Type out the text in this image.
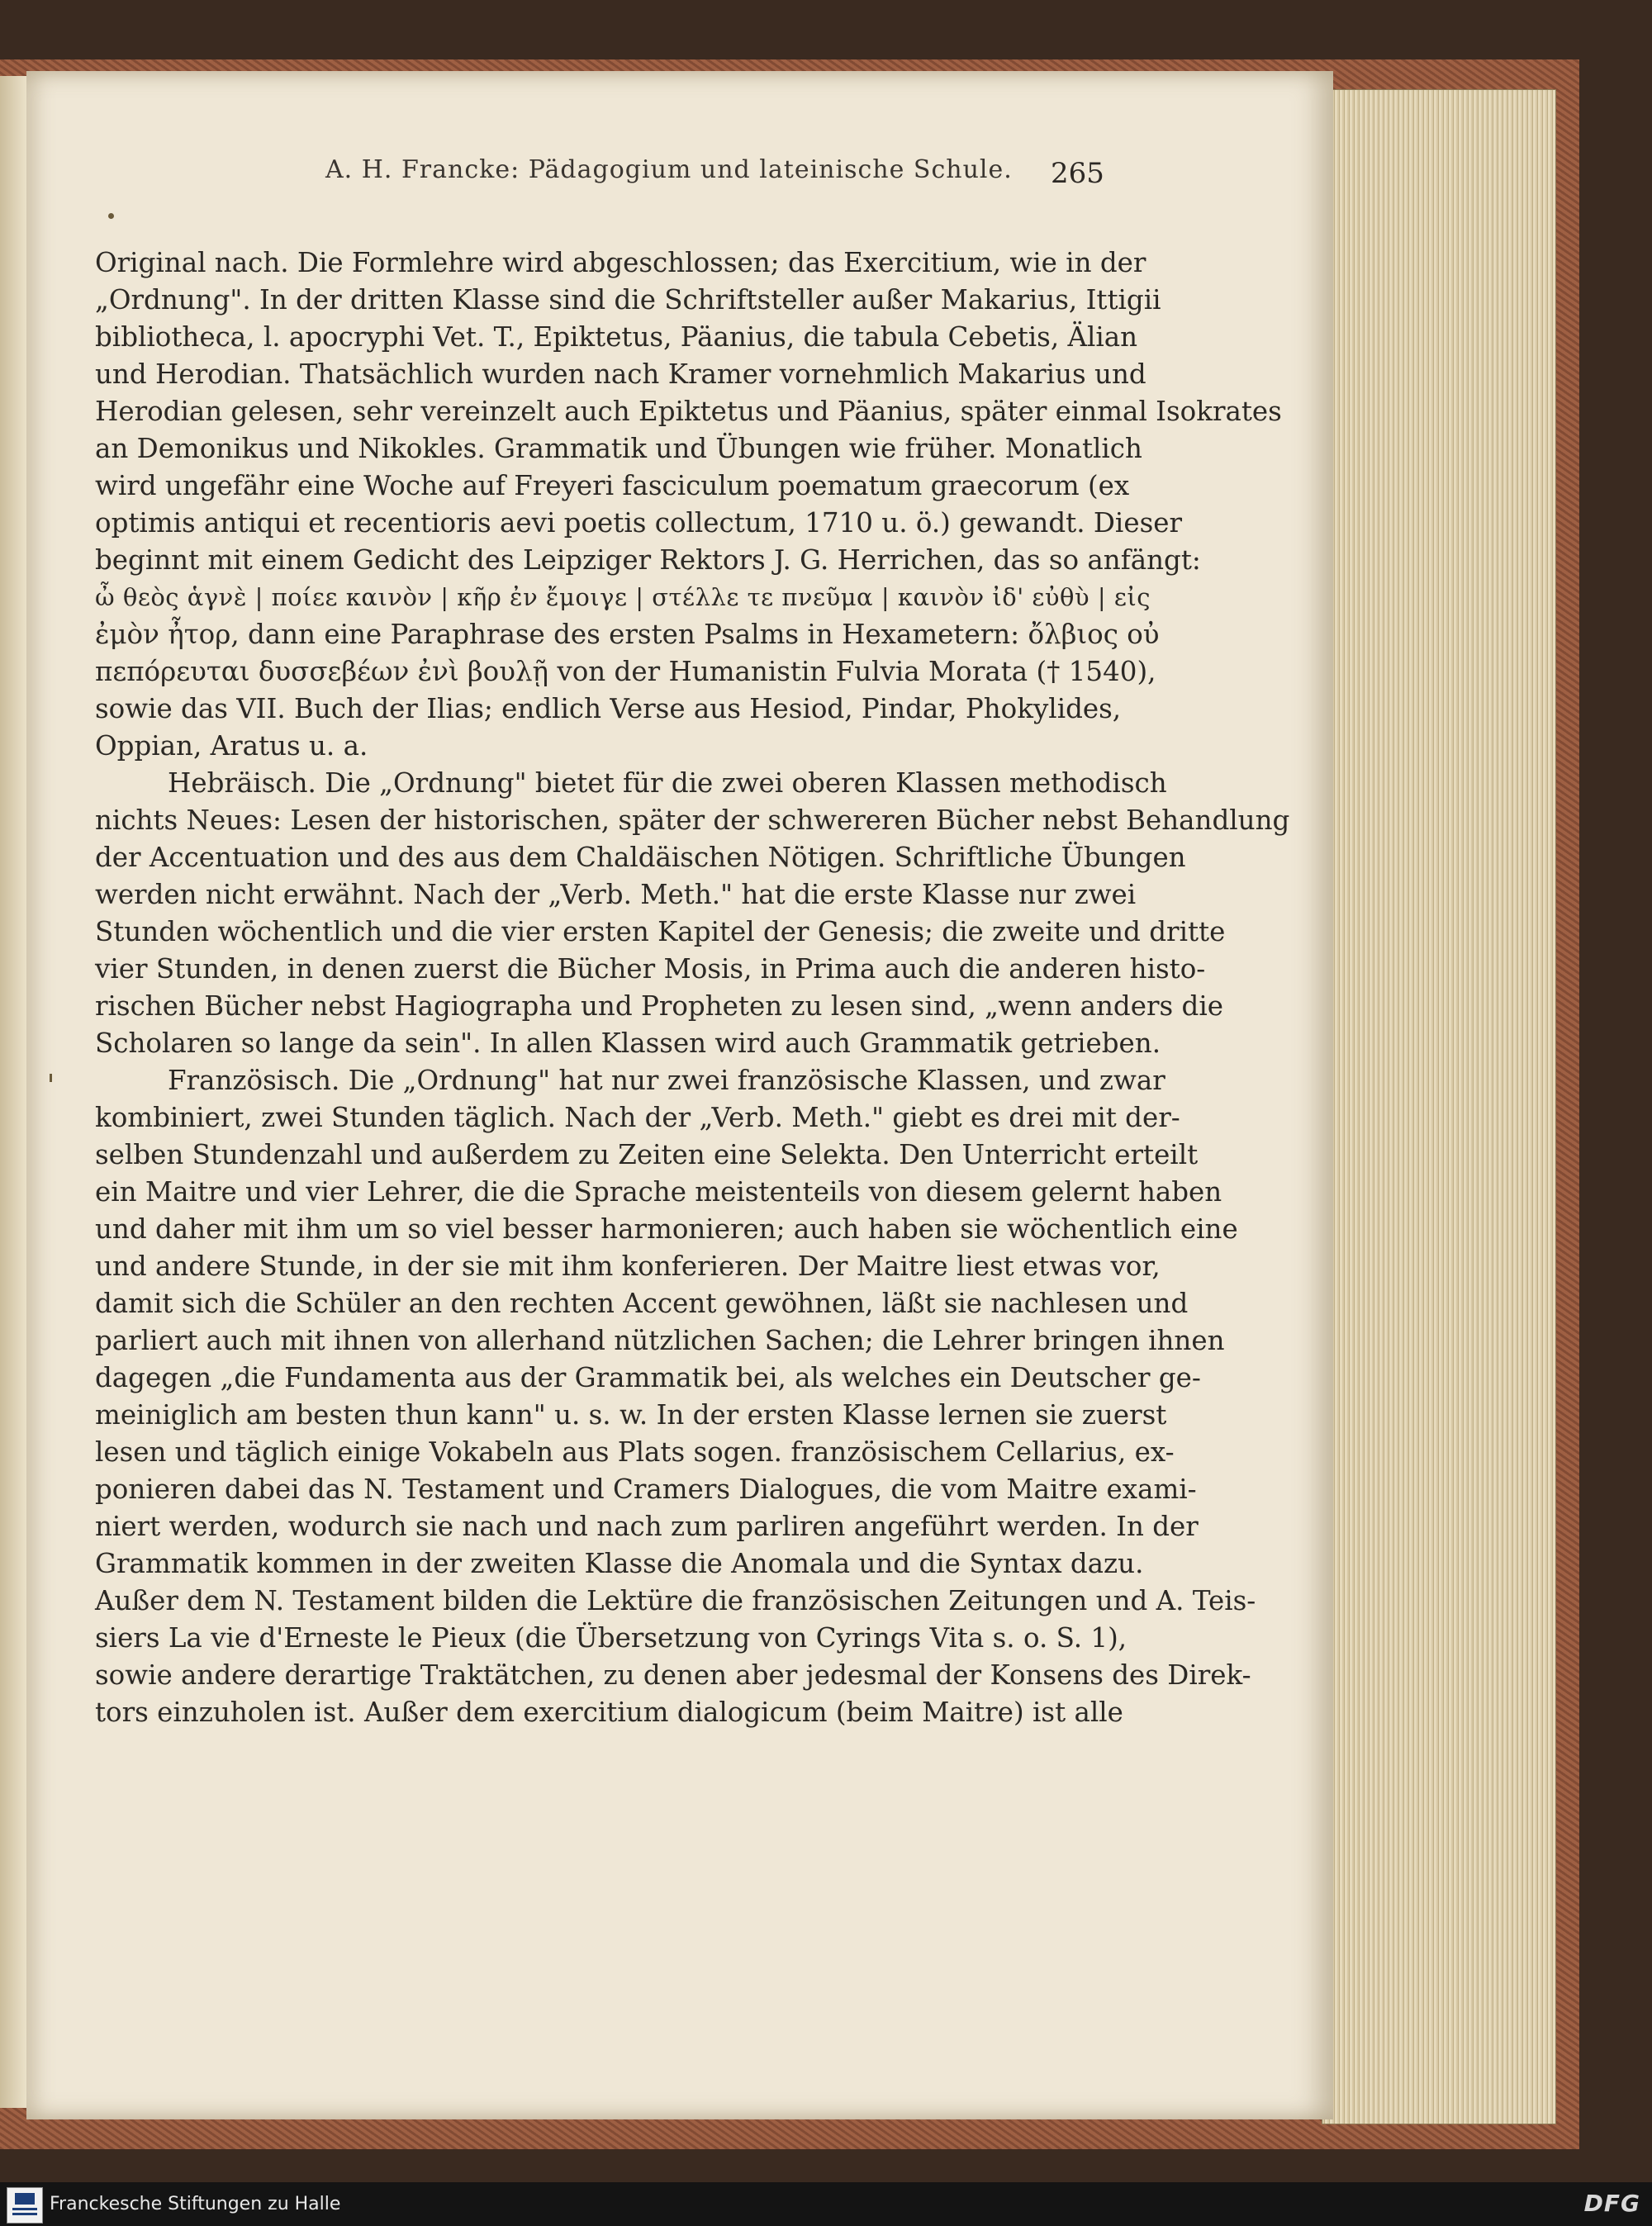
A. H. Francke: Pädagogium und lateinische Schule. 265
Original nach. Die Formlehre wird abgeschlossen; das Exercitium, wie in der
„Ordnung". In der dritten Klasse sind die Schriftsteller außer Makarius, Ittigii
bibliotheca, l. apocryphi Vet. T., Epiktetus, Päanius, die tabula Cebetis, Älian
und Herodian. Thatsächlich wurden nach Kramer vornehmlich Makarius und
Herodian gelesen, sehr vereinzelt auch Epiktetus und Päanius, später einmal Isokrates
an Demonikus und Nikokles. Grammatik und Übungen wie früher. Monatlich
wird ungefähr eine Woche auf Freyeri fasciculum poematum graecorum (ex
optimis antiqui et recentioris aevi poetis collectum, 1710 u. ö.) gewandt. Dieser
beginnt mit einem Gedicht des Leipziger Rektors J. G. Herrichen, das so anfängt:
ὦ θεὸς ἁγνὲ | ποίεε καινὸν | κῆρ ἐν ἔμοιγε | στέλλε τε πνεῦμα | καινὸν ἰδ' εὐθὺ | εἰς
ἐμὸν ἦτορ, dann eine Paraphrase des ersten Psalms in Hexametern: ὄλβιος οὐ
πεπόρευται δυσσεβέων ἐνὶ βουλῇ von der Humanistin Fulvia Morata († 1540),
sowie das VII. Buch der Ilias; endlich Verse aus Hesiod, Pindar, Phokylides,
Oppian, Aratus u. a.
Hebräisch. Die „Ordnung" bietet für die zwei oberen Klassen methodisch
nichts Neues: Lesen der historischen, später der schwereren Bücher nebst Behandlung
der Accentuation und des aus dem Chaldäischen Nötigen. Schriftliche Übungen
werden nicht erwähnt. Nach der „Verb. Meth." hat die erste Klasse nur zwei
Stunden wöchentlich und die vier ersten Kapitel der Genesis; die zweite und dritte
vier Stunden, in denen zuerst die Bücher Mosis, in Prima auch die anderen histo-
rischen Bücher nebst Hagiographa und Propheten zu lesen sind, „wenn anders die
Scholaren so lange da sein". In allen Klassen wird auch Grammatik getrieben.
Französisch. Die „Ordnung" hat nur zwei französische Klassen, und zwar
kombiniert, zwei Stunden täglich. Nach der „Verb. Meth." giebt es drei mit der-
selben Stundenzahl und außerdem zu Zeiten eine Selekta. Den Unterricht erteilt
ein Maitre und vier Lehrer, die die Sprache meistenteils von diesem gelernt haben
und daher mit ihm um so viel besser harmonieren; auch haben sie wöchentlich eine
und andere Stunde, in der sie mit ihm konferieren. Der Maitre liest etwas vor,
damit sich die Schüler an den rechten Accent gewöhnen, läßt sie nachlesen und
parliert auch mit ihnen von allerhand nützlichen Sachen; die Lehrer bringen ihnen
dagegen „die Fundamenta aus der Grammatik bei, als welches ein Deutscher ge-
meiniglich am besten thun kann" u. s. w. In der ersten Klasse lernen sie zuerst
lesen und täglich einige Vokabeln aus Plats sogen. französischem Cellarius, ex-
ponieren dabei das N. Testament und Cramers Dialogues, die vom Maitre exami-
niert werden, wodurch sie nach und nach zum parliren angeführt werden. In der
Grammatik kommen in der zweiten Klasse die Anomala und die Syntax dazu.
Außer dem N. Testament bilden die Lektüre die französischen Zeitungen und A. Teis-
siers La vie d'Erneste le Pieux (die Übersetzung von Cyrings Vita s. o. S. 1),
sowie andere derartige Traktätchen, zu denen aber jedesmal der Konsens des Direk-
tors einzuholen ist. Außer dem exercitium dialogicum (beim Maitre) ist alle
Franckesche Stiftungen zu Halle	DFG
